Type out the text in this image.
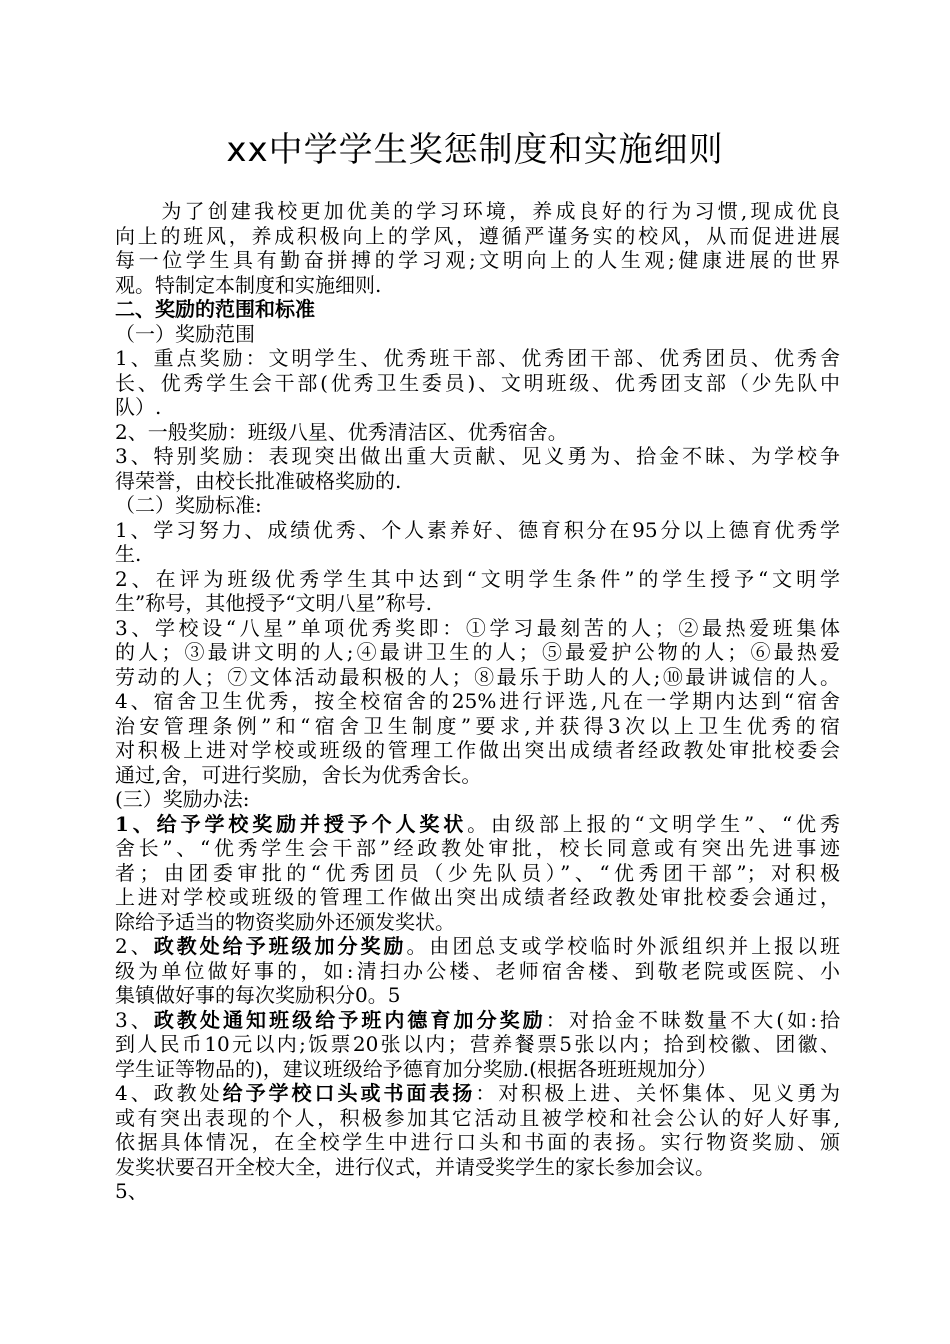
xx中学学生奖惩制度和实施细则
　　为了创建我校更加优美的学习环境，养成良好的行为习惯,现成优良
向上的班风，养成积极向上的学风，遵循严谨务实的校风，从而促进进展
每一位学生具有勤奋拼搏的学习观;文明向上的人生观;健康进展的世界
观。特制定本制度和实施细则.
二、奖励的范围和标准
（一）奖励范围
1、重点奖励：文明学生、优秀班干部、优秀团干部、优秀团员、优秀舍
长、优秀学生会干部(优秀卫生委员)、文明班级、优秀团支部（少先队中
队）.
2、一般奖励：班级八星、优秀清洁区、优秀宿舍。
3、特别奖励：表现突出做出重大贡献、见义勇为、拾金不昧、为学校争
得荣誉，由校长批准破格奖励的.
（二）奖励标准:
1、学习努力、成绩优秀、个人素养好、德育积分在95分以上德育优秀学
生.
2、在评为班级优秀学生其中达到“文明学生条件”的学生授予“文明学
生”称号，其他授予“文明八星”称号.
3、学校设“八星”单项优秀奖即：①学习最刻苦的人；②最热爱班集体
的人；③最讲文明的人;④最讲卫生的人；⑤最爱护公物的人；⑥最热爱
劳动的人；⑦文体活动最积极的人；⑧最乐于助人的人;⑩最讲诚信的人。
4、宿舍卫生优秀，按全校宿舍的25%进行评选,凡在一学期内达到“宿舍
治安管理条例”和“宿舍卫生制度”要求,并获得3次以上卫生优秀的宿
对积极上进对学校或班级的管理工作做出突出成绩者经政教处审批校委会
通过,舍，可进行奖励，舍长为优秀舍长。
(三）奖励办法:
1、给予学校奖励并授予个人奖状。由级部上报的“文明学生”、“优秀
舍长”、“优秀学生会干部”经政教处审批，校长同意或有突出先进事迹
者；由团委审批的“优秀团员（少先队员）”、“优秀团干部”；对积极
上进对学校或班级的管理工作做出突出成绩者经政教处审批校委会通过，
除给予适当的物资奖励外还颁发奖状。
2、政教处给予班级加分奖励。由团总支或学校临时外派组织并上报以班
级为单位做好事的，如:清扫办公楼、老师宿舍楼、到敬老院或医院、小
集镇做好事的每次奖励积分0。5
3、政教处通知班级给予班内德育加分奖励：对拾金不昧数量不大(如:拾
到人民币10元以内;饭票20张以内；营养餐票5张以内；拾到校徽、团徽、
学生证等物品的)，建议班级给予德育加分奖励.(根据各班班规加分）
4、政教处给予学校口头或书面表扬：对积极上进、关怀集体、见义勇为
或有突出表现的个人，积极参加其它活动且被学校和社会公认的好人好事,
依据具体情况，在全校学生中进行口头和书面的表扬。实行物资奖励、颁
发奖状要召开全校大全，进行仪式，并请受奖学生的家长参加会议。
5、
